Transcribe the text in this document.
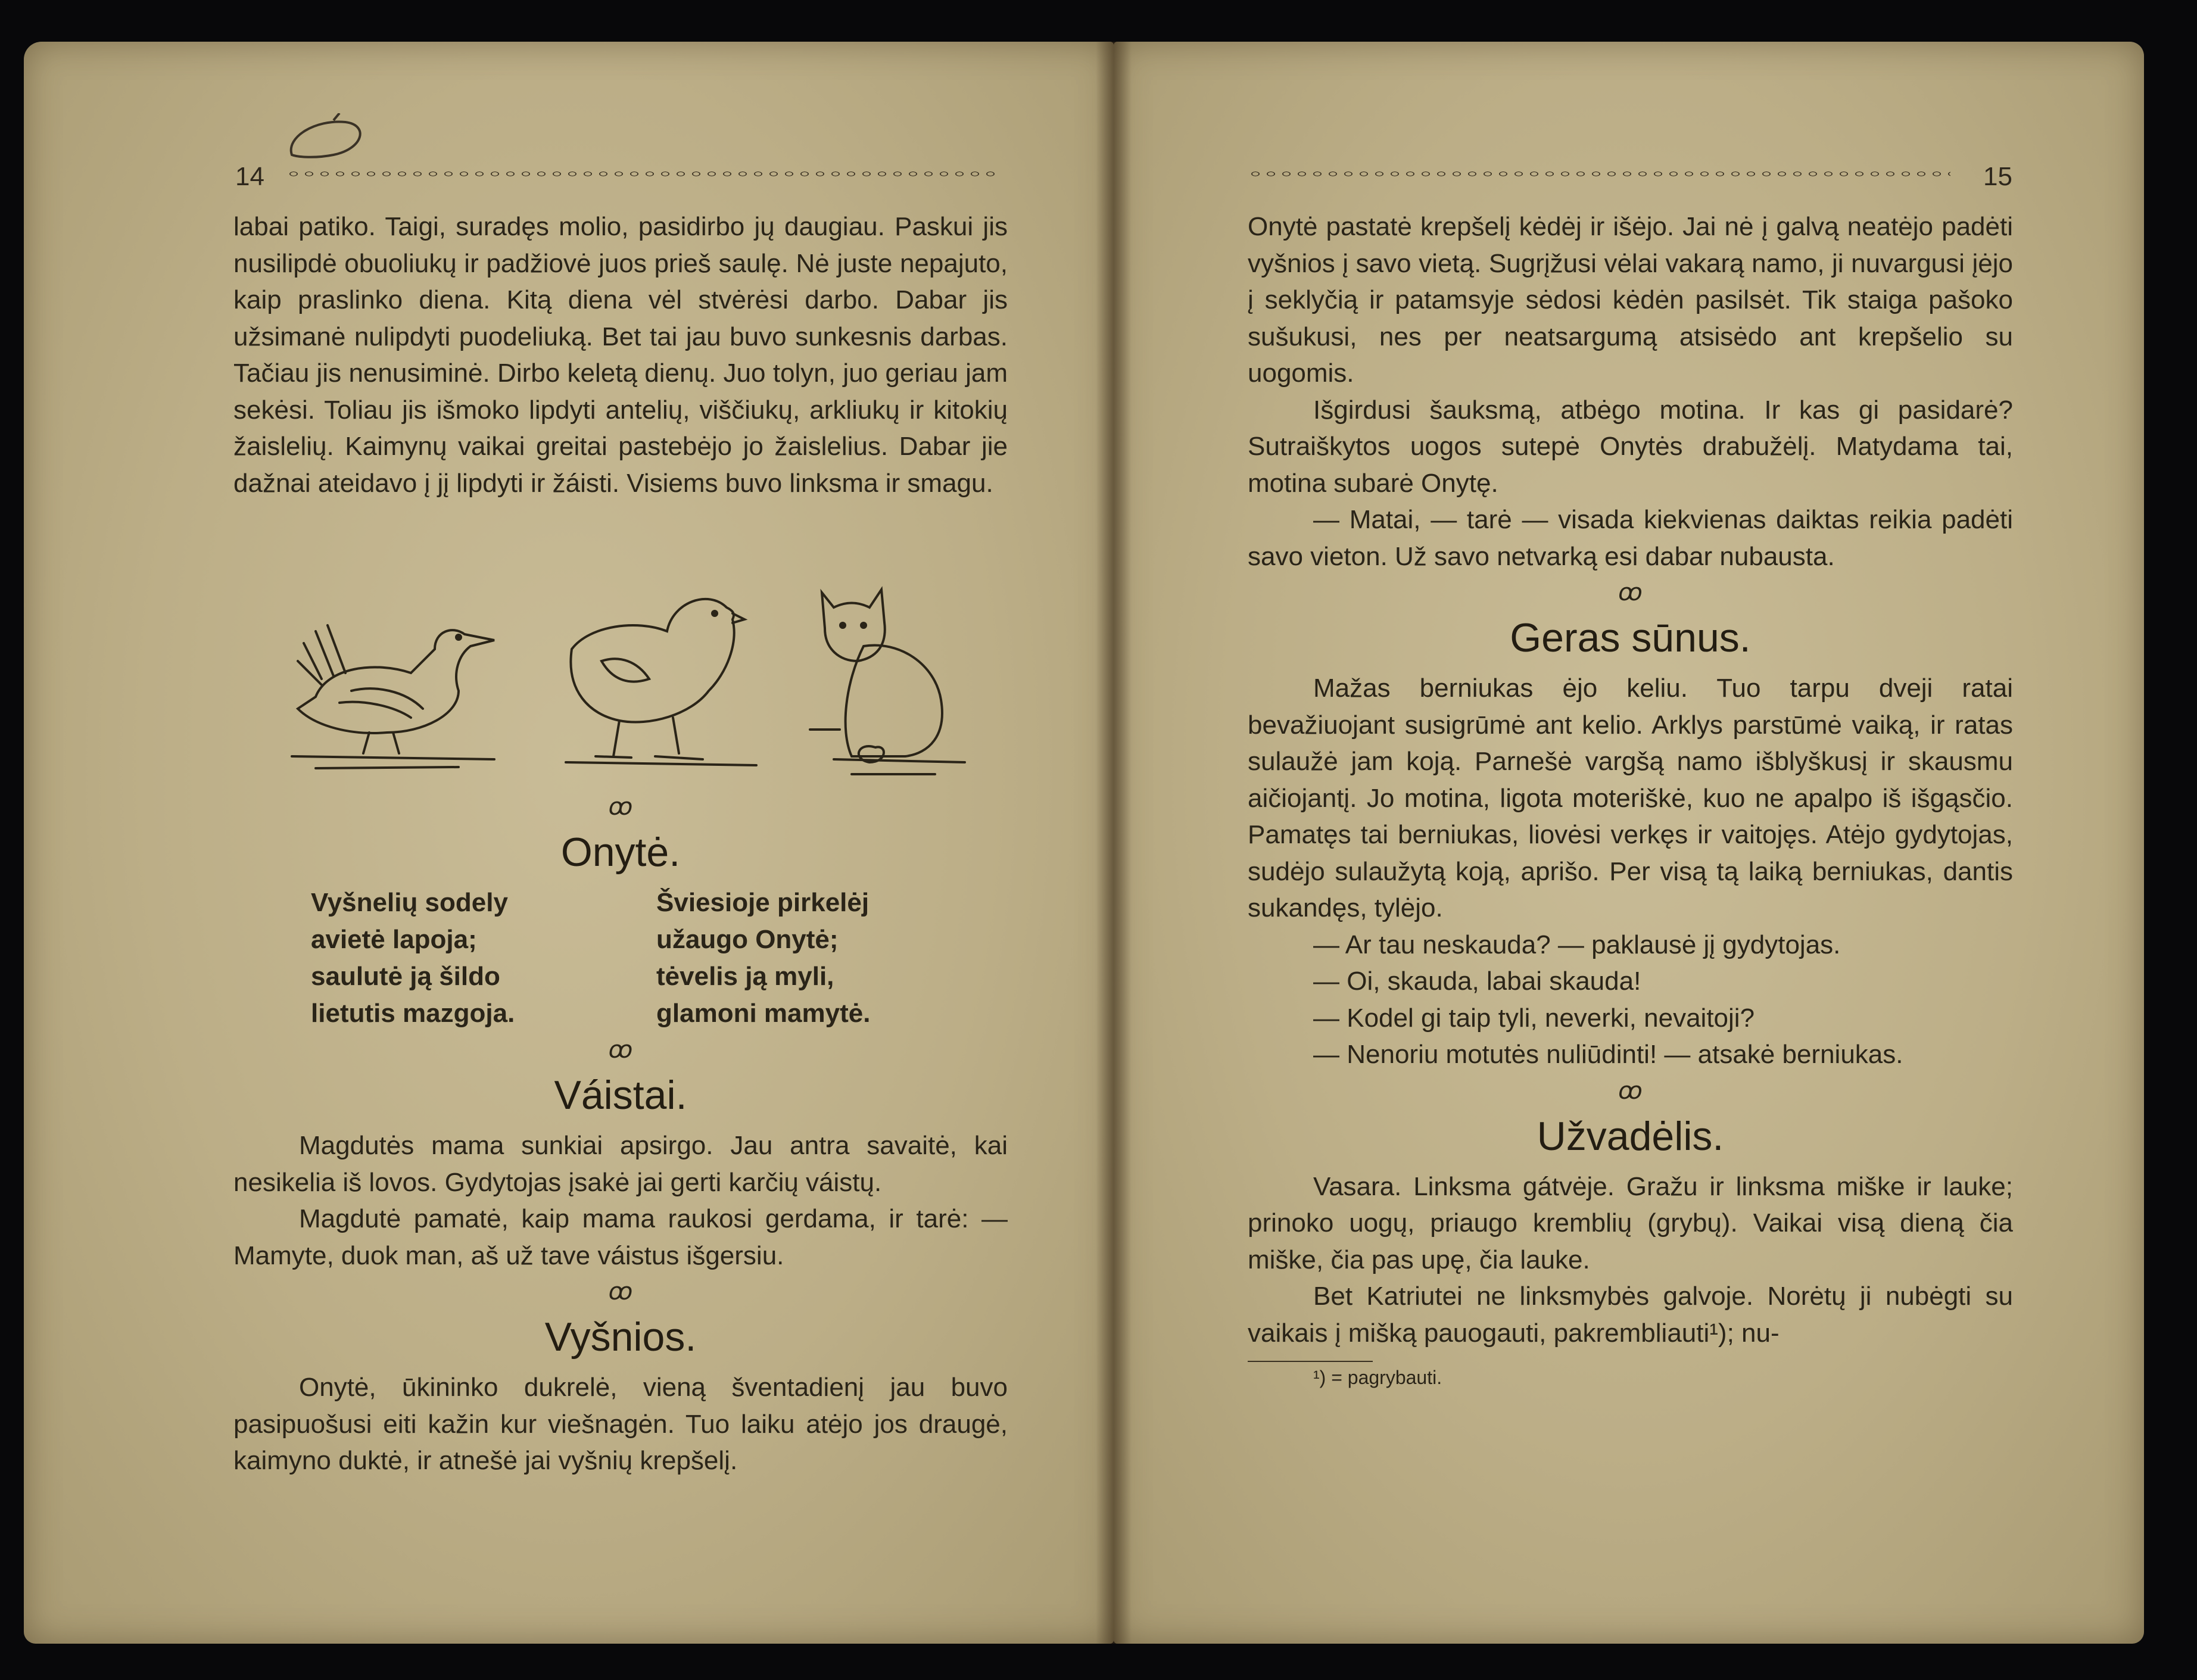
14

labai patiko. Taigi, suradęs molio, pasidirbo jų daugiau. Paskui jis nusilipdė obuoliukų ir padžiovė juos prieš saulę. Nė juste nepajuto, kaip praslinko diena. Kitą diena vėl stvėrėsi darbo. Dabar jis užsimanė nulipdyti puodeliuką. Bet tai jau buvo sunkesnis darbas. Tačiau jis nenusiminė. Dirbo keletą dienų. Juo tolyn, juo geriau jam sekėsi. Toliau jis išmoko lipdyti antelių, viščiukų, arkliukų ir kitokių žaislelių. Kaimynų vaikai greitai pastebėjo jo žaislelius. Dabar jie dažnai ateidavo į jį lipdyti ir žáisti. Visiems buvo linksma ir smagu.

ꝏ
Onytė.
Vyšnelių sodely
avietė lapoja;
saulutė ją šildo
lietutis mazgoja.
Šviesioje pirkelėj
užaugo Onytė;
tėvelis ją myli,
glamoni mamytė.
ꝏ
Váistai.

Magdutės mama sunkiai apsirgo. Jau antra savaitė, kai nesikelia iš lovos. Gydytojas įsakė jai gerti karčių váistų.

Magdutė pamatė, kaip mama raukosi gerdama, ir tarė: — Mamyte, duok man, aš už tave váistus išgersiu.

ꝏ
Vyšnios.

Onytė, ūkininko dukrelė, vieną šventadienį jau buvo pasipuošusi eiti kažin kur viešnagėn. Tuo laiku atėjo jos draugė, kaimyno duktė, ir atnešė jai vyšnių krepšelį.

15

Onytė pastatė krepšelį kėdėj ir išėjo. Jai nė į galvą neatėjo padėti vyšnios į savo vietą. Sugrįžusi vėlai vakarą namo, ji nuvargusi įėjo į seklyčią ir patamsyje sėdosi kėdėn pasilsėt. Tik staiga pašoko sušukusi, nes per neatsargumą atsisėdo ant krepšelio su uogomis.

Išgirdusi šauksmą, atbėgo motina. Ir kas gi pasidarė? Sutraiškytos uogos sutepė Onytės drabužėlį. Matydama tai, motina subarė Onytę.

— Matai, — tarė — visada kiekvienas daiktas reikia padėti savo vieton. Už savo netvarką esi dabar nubausta.

ꝏ
Geras sūnus.

Mažas berniukas ėjo keliu. Tuo tarpu dveji ratai bevažiuojant susigrūmė ant kelio. Arklys parstūmė vaiką, ir ratas sulaužė jam koją. Parnešė vargšą namo išblyškusį ir skausmu aičiojantį. Jo motina, ligota moteriškė, kuo ne apalpo iš išgąsčio. Pamatęs tai berniukas, liovėsi verkęs ir vaitojęs. Atėjo gydytojas, sudėjo sulaužytą koją, aprišo. Per visą tą laiką berniukas, dantis sukandęs, tylėjo.

— Ar tau neskauda? — paklausė jį gydytojas.

— Oi, skauda, labai skauda!

— Kodel gi taip tyli, neverki, nevaitoji?

— Nenoriu motutės nuliūdinti! — atsakė berniukas.

ꝏ
Užvadėlis.

Vasara. Linksma gátvėje. Gražu ir linksma miške ir lauke; prinoko uogų, priaugo kremblių (grybų). Vaikai visą dieną čia miške, čia pas upę, čia lauke.

Bet Katriutei ne linksmybės galvoje. Norėtų ji nubėgti su vaikais į mišką pauogauti, pakrembliauti¹); nu-

¹) = pagrybauti.
